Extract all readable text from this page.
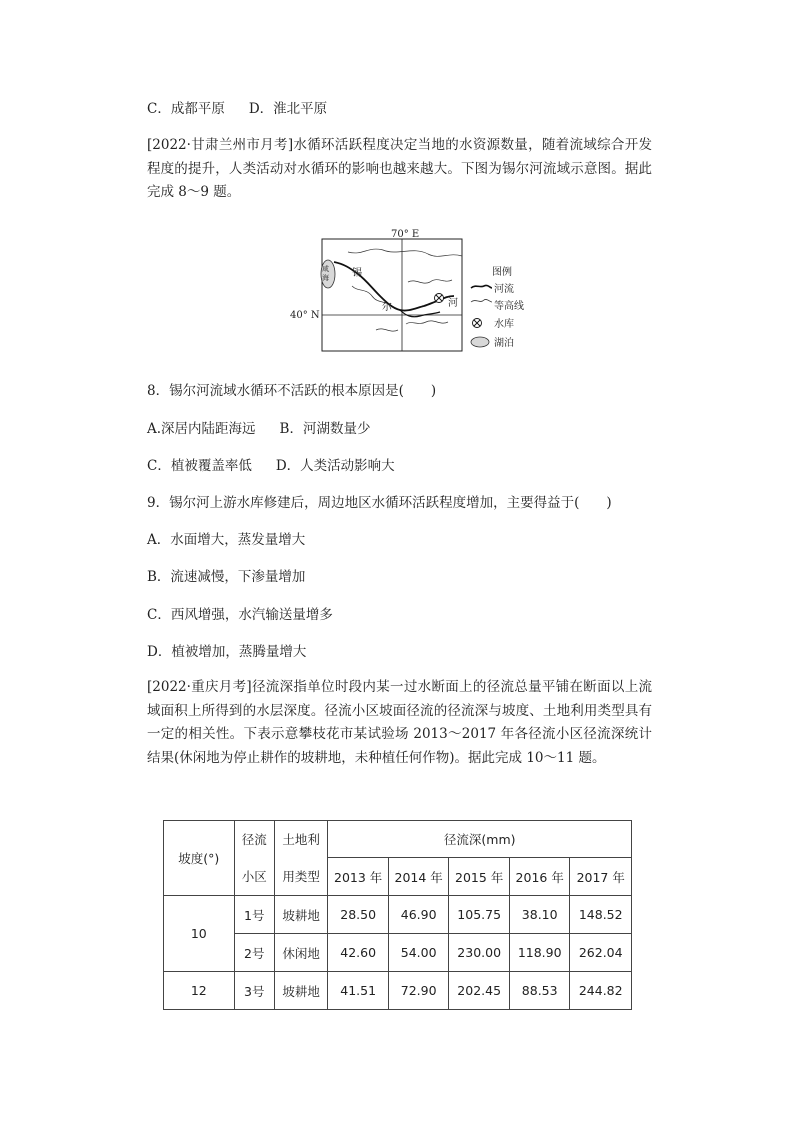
C．成都平原 D．淮北平原
[2022·甘肃兰州市月考]水循环活跃程度决定当地的水资源数量，随着流域综合开发程度的提升，人类活动对水循环的影响也越来越大。下图为锡尔河流域示意图。据此完成 8～9 题。
70° E
40° N
咸
海 锡
尔	河
图例
河流
等高线
水库
湖泊
8．锡尔河流域水循环不活跃的根本原因是(　　)
A.深居内陆距海远 B．河湖数量少
C．植被覆盖率低 D．人类活动影响大
9．锡尔河上游水库修建后，周边地区水循环活跃程度增加，主要得益于(　　)
A．水面增大，蒸发量增大
B．流速减慢，下渗量增加
C．西风增强，水汽输送量增多
D．植被增加，蒸腾量增大
[2022·重庆月考]径流深指单位时段内某一过水断面上的径流总量平铺在断面以上流域面积上所得到的水层深度。径流小区坡面径流的径流深与坡度、土地利用类型具有一定的相关性。下表示意攀枝花市某试验场 2013～2017 年各径流小区径流深统计结果(休闲地为停止耕作的坡耕地，未种植任何作物)。据此完成 10～11 题。
坡度(°)	径流	土地利	径流深(mm)				
	小区	用类型	2013 年	2014 年	2015 年	2016 年	2017 年
10	1号	坡耕地	28.50	46.90	105.75	38.10	148.52
	2号	休闲地	42.60	54.00	230.00	118.90	262.04
12	3号	坡耕地	41.51	72.90	202.45	88.53	244.82
